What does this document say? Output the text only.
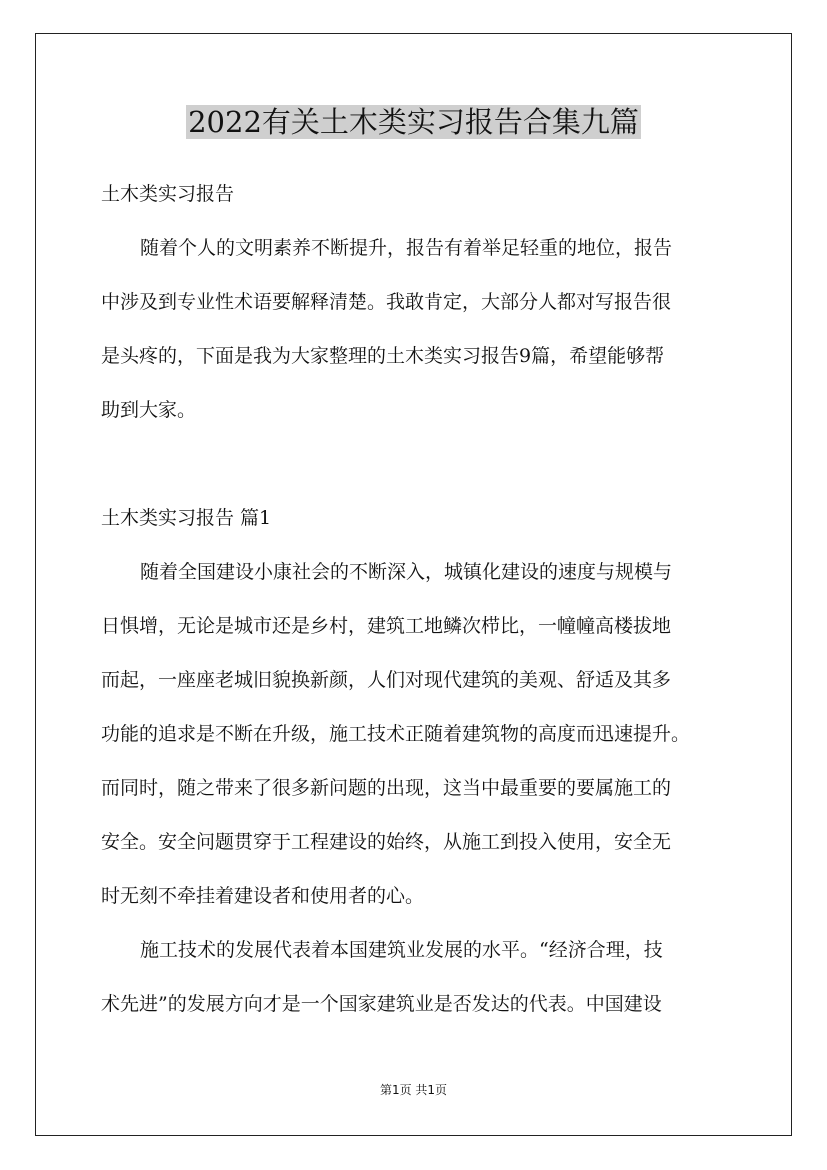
2022有关土木类实习报告合集九篇

土木类实习报告

随着个人的文明素养不断提升，报告有着举足轻重的地位，报告

中涉及到专业性术语要解释清楚。我敢肯定，大部分人都对写报告很

是头疼的，下面是我为大家整理的土木类实习报告9篇，希望能够帮

助到大家。

土木类实习报告 篇1

随着全国建设小康社会的不断深入，城镇化建设的速度与规模与

日惧增，无论是城市还是乡村，建筑工地鳞次栉比，一幢幢高楼拔地

而起，一座座老城旧貌换新颜，人们对现代建筑的美观、舒适及其多

功能的追求是不断在升级，施工技术正随着建筑物的高度而迅速提升。

而同时，随之带来了很多新问题的出现，这当中最重要的要属施工的

安全。安全问题贯穿于工程建设的始终，从施工到投入使用，安全无

时无刻不牵挂着建设者和使用者的心。

施工技术的发展代表着本国建筑业发展的水平。“经济合理，技

术先进”的发展方向才是一个国家建筑业是否发达的代表。中国建设

第1页 共1页
